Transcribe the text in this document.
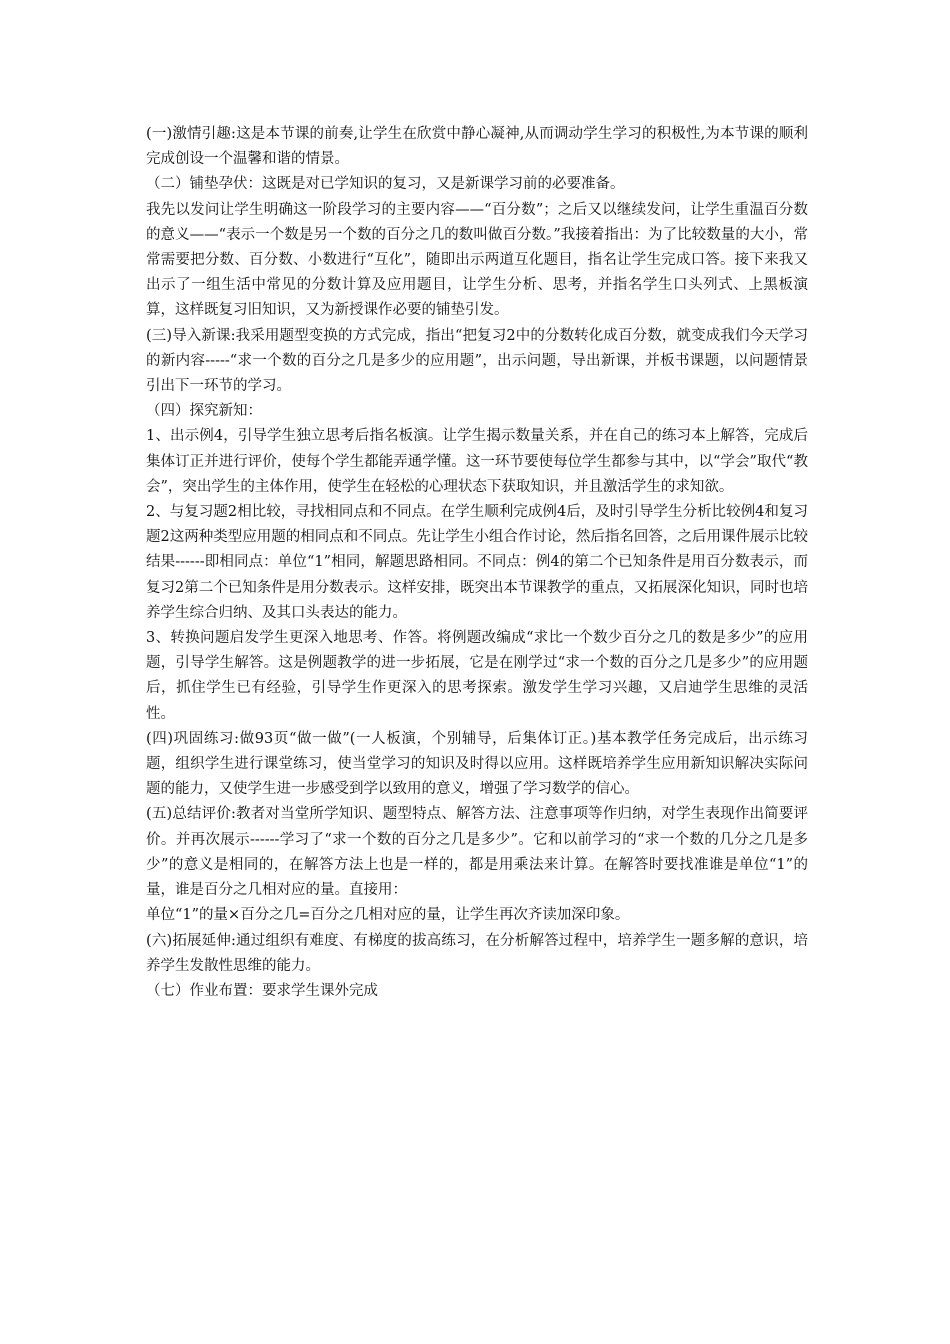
(一)激情引趣:这是本节课的前奏,让学生在欣赏中静心凝神,从而调动学生学习的积极性,为本节课的顺利完成创设一个温馨和谐的情景。

（二）铺垫孕伏：这既是对已学知识的复习，又是新课学习前的必要准备。

我先以发问让学生明确这一阶段学习的主要内容——“百分数”；之后又以继续发问，让学生重温百分数的意义——“表示一个数是另一个数的百分之几的数叫做百分数。”我接着指出：为了比较数量的大小，常常需要把分数、百分数、小数进行“互化”，随即出示两道互化题目，指名让学生完成口答。接下来我又出示了一组生活中常见的分数计算及应用题目，让学生分析、思考，并指名学生口头列式、上黑板演算，这样既复习旧知识，又为新授课作必要的铺垫引发。

(三)导入新课:我采用题型变换的方式完成，指出“把复习2中的分数转化成百分数，就变成我们今天学习的新内容-----“求一个数的百分之几是多少的应用题”，出示问题，导出新课，并板书课题，以问题情景引出下一环节的学习。

（四）探究新知：

1、出示例4，引导学生独立思考后指名板演。让学生揭示数量关系，并在自己的练习本上解答，完成后集体订正并进行评价，使每个学生都能弄通学懂。这一环节要使每位学生都参与其中，以“学会”取代“教会”，突出学生的主体作用，使学生在轻松的心理状态下获取知识，并且激活学生的求知欲。

2、与复习题2相比较，寻找相同点和不同点。在学生顺利完成例4后，及时引导学生分析比较例4和复习题2这两种类型应用题的相同点和不同点。先让学生小组合作讨论，然后指名回答，之后用课件展示比较结果------即相同点：单位“1”相同，解题思路相同。不同点：例4的第二个已知条件是用百分数表示，而复习2第二个已知条件是用分数表示。这样安排，既突出本节课教学的重点，又拓展深化知识，同时也培养学生综合归纳、及其口头表达的能力。

3、转换问题启发学生更深入地思考、作答。将例题改编成“求比一个数少百分之几的数是多少”的应用题，引导学生解答。这是例题教学的进一步拓展，它是在刚学过“求一个数的百分之几是多少”的应用题后，抓住学生已有经验，引导学生作更深入的思考探索。激发学生学习兴趣，又启迪学生思维的灵活性。

(四)巩固练习:做93页“做一做”(一人板演，个别辅导，后集体订正。)基本教学任务完成后，出示练习题，组织学生进行课堂练习，使当堂学习的知识及时得以应用。这样既培养学生应用新知识解决实际问题的能力，又使学生进一步感受到学以致用的意义，增强了学习数学的信心。

(五)总结评价:教者对当堂所学知识、题型特点、解答方法、注意事项等作归纳，对学生表现作出简要评价。并再次展示------学习了“求一个数的百分之几是多少”。它和以前学习的“求一个数的几分之几是多少”的意义是相同的，在解答方法上也是一样的，都是用乘法来计算。在解答时要找准谁是单位“1”的量，谁是百分之几相对应的量。直接用：

单位“1”的量×百分之几=百分之几相对应的量，让学生再次齐读加深印象。

(六)拓展延伸:通过组织有难度、有梯度的拔高练习，在分析解答过程中，培养学生一题多解的意识，培养学生发散性思维的能力。

（七）作业布置：要求学生课外完成
